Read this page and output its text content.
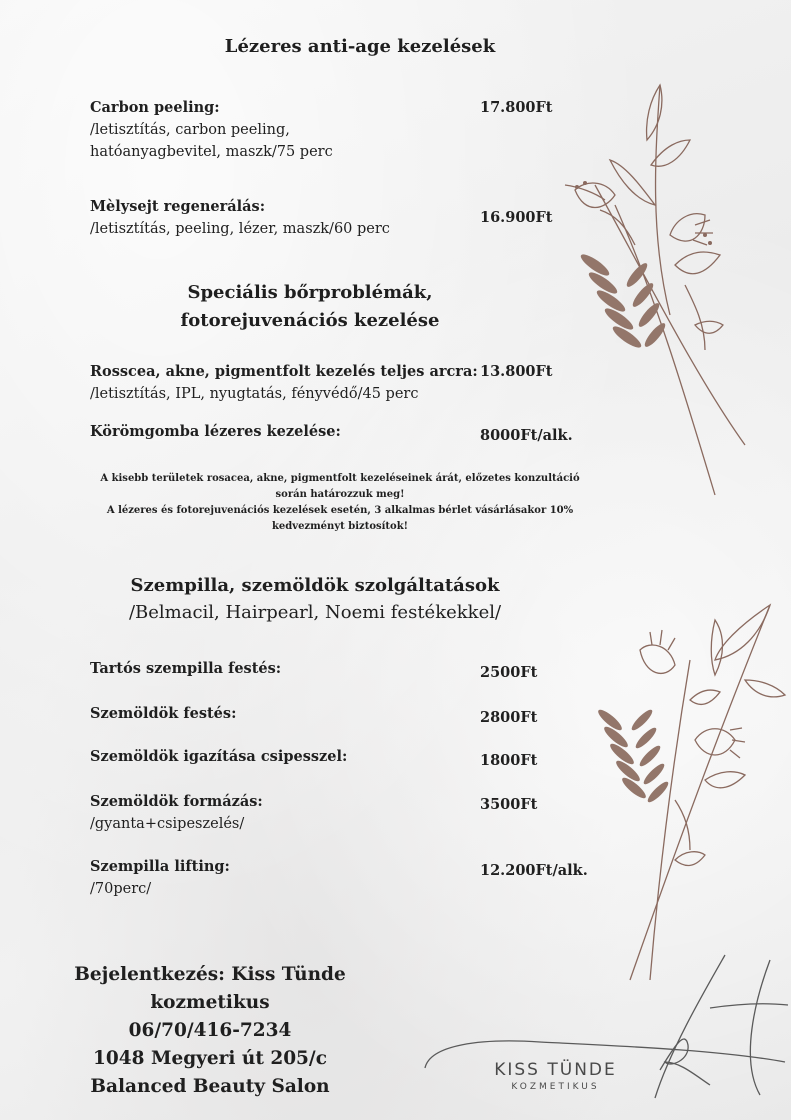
Lézeres anti-age kezelések
Carbon peeling:
/letisztítás, carbon peeling,
hatóanyagbevitel, maszk/75 perc
17.800Ft
Mèlysejt regenerálás:
/letisztítás, peeling, lézer, maszk/60 perc
16.900Ft
Speciális bőrproblémák,
fotorejuvenációs kezelése
Rosscea, akne, pigmentfolt kezelés teljes arcra:
/letisztítás, IPL, nyugtatás, fényvédő/45 perc
13.800Ft
Körömgomba lézeres kezelése:	8000Ft/alk.
A kisebb területek rosacea, akne, pigmentfolt kezeléseinek árát, előzetes konzultáció
során határozzuk meg!
A lézeres és fotorejuvenációs kezelések esetén, 3 alkalmas bérlet vásárlásakor 10%
kedvezményt biztosítok!
Szempilla, szemöldök szolgáltatások
/Belmacil, Hairpearl, Noemi festékekkel/
Tartós szempilla festés:	2500Ft
Szemöldök festés:	2800Ft
Szemöldök igazítása csipesszel:	1800Ft
Szemöldök formázás:
/gyanta+csipeszelés/
3500Ft
Szempilla lifting:
/70perc/
12.200Ft/alk.
Bejelentkezés: Kiss Tünde
kozmetikus
06/70/416-7234
1048 Megyeri út 205/c
Balanced Beauty Salon
KISS TÜNDE
KOZMETIKUS
